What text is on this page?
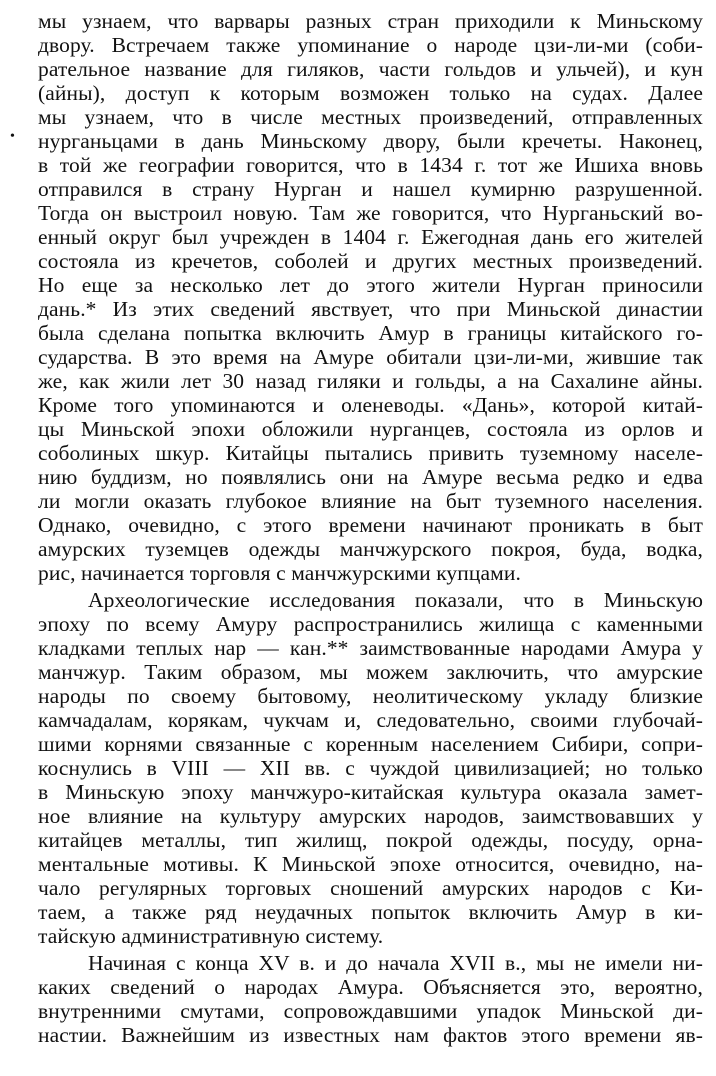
•
мы узнаем, что варвары разных стран приходили к Миньскому
двору. Встречаем также упоминание о народе цзи-ли-ми (соби-
рательное название для гиляков, части гольдов и ульчей), и кун
(айны), доступ к которым возможен только на судах. Далее
мы узнаем, что в числе местных произведений, отправленных
нурганьцами в дань Миньскому двору, были кречеты. Наконец,
в той же географии говорится, что в 1434 г. тот же Ишиха вновь
отправился в страну Нурган и нашел кумирню разрушенной.
Тогда он выстроил новую. Там же говорится, что Нурганьский во-
енный округ был учрежден в 1404 г. Ежегодная дань его жителей
состояла из кречетов, соболей и других местных произведений.
Но еще за несколько лет до этого жители Нурган приносили
дань.* Из этих сведений явствует, что при Миньской династии
была сделана попытка включить Амур в границы китайского го-
сударства. В это время на Амуре обитали цзи-ли-ми, жившие так
же, как жили лет 30 назад гиляки и гольды, а на Сахалине айны.
Кроме того упоминаются и оленеводы. «Дань», которой китай-
цы Миньской эпохи обложили нурганцев, состояла из орлов и
соболиных шкур. Китайцы пытались привить туземному населе-
нию буддизм, но появлялись они на Амуре весьма редко и едва
ли могли оказать глубокое влияние на быт туземного населения.
Однако, очевидно, с этого времени начинают проникать в быт
амурских туземцев одежды манчжурского покроя, буда, водка,
рис, начинается торговля с манчжурскими купцами.
Археологические исследования показали, что в Миньскую
эпоху по всему Амуру распространились жилища с каменными
кладками теплых нар — кан.** заимствованные народами Амура у
манчжур. Таким образом, мы можем заключить, что амурские
народы по своему бытовому, неолитическому укладу близкие
камчадалам, корякам, чукчам и, следовательно, своими глубочай-
шими корнями связанные с коренным населением Сибири, сопри-
коснулись в VIII — XII вв. с чуждой цивилизацией; но только
в Миньскую эпоху манчжуро-китайская культура оказала замет-
ное влияние на культуру амурских народов, заимствовавших у
китайцев металлы, тип жилищ, покрой одежды, посуду, орна-
ментальные мотивы. К Миньской эпохе относится, очевидно, на-
чало регулярных торговых сношений амурских народов с Ки-
таем, а также ряд неудачных попыток включить Амур в ки-
тайскую административную систему.
Начиная с конца XV в. и до начала XVII в., мы не имели ни-
каких сведений о народах Амура. Объясняется это, вероятно,
внутренними смутами, сопровождавшими упадок Миньской ди-
настии. Важнейшим из известных нам фактов этого времени яв-
